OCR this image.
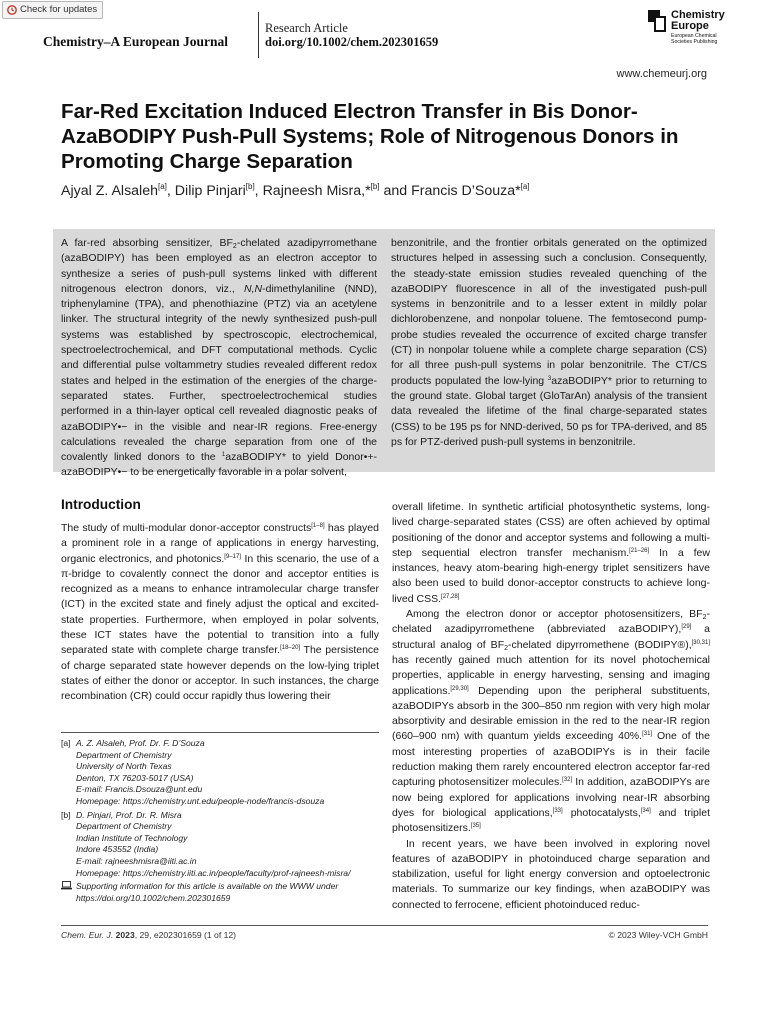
Check for updates

Chemistry–A European Journal

Research Article
doi.org/10.1002/chem.202301659
Chemistry
Europe
European Chemical Societies Publishing
www.chemeurj.org
Far-Red Excitation Induced Electron Transfer in Bis Donor-AzaBODIPY Push-Pull Systems; Role of Nitrogenous Donors in Promoting Charge Separation
Ajyal Z. Alsaleh[a], Dilip Pinjari[b], Rajneesh Misra,*[b] and Francis D’Souza*[a]

A far-red absorbing sensitizer, $BF_2$-chelated azadipyrromethane (azaBODIPY) has been employed as an electron acceptor to synthesize a series of push-pull systems linked with different nitrogenous electron donors, viz., N,N-dimethylaniline (NND), triphenylamine (TPA), and phenothiazine (PTZ) via an acetylene linker. The structural integrity of the newly synthesized push-pull systems was established by spectroscopic, electrochemical, spectroelectrochemical, and DFT computational methods. Cyclic and differential pulse voltammetry studies revealed different redox states and helped in the estimation of the energies of the charge-separated states. Further, spectroelectrochemical studies performed in a thin-layer optical cell revealed diagnostic peaks of azaBODIPY•− in the visible and near-IR regions. Free-energy calculations revealed the charge separation from one of the covalently linked donors to the $^1$azaBODIPY* to yield Donor•+-azaBODIPY•− to be energetically favorable in a polar solvent,

benzonitrile, and the frontier orbitals generated on the optimized structures helped in assessing such a conclusion. Consequently, the steady-state emission studies revealed quenching of the azaBODIPY fluorescence in all of the investigated push-pull systems in benzonitrile and to a lesser extent in mildly polar dichlorobenzene, and nonpolar toluene. The femtosecond pump-probe studies revealed the occurrence of excited charge transfer (CT) in nonpolar toluene while a complete charge separation (CS) for all three push-pull systems in polar benzonitrile. The CT/CS products populated the low-lying $^3$azaBODIPY* prior to returning to the ground state. Global target (GloTarAn) analysis of the transient data revealed the lifetime of the final charge-separated states (CSS) to be 195 ps for NND-derived, 50 ps for TPA-derived, and 85 ps for PTZ-derived push-pull systems in benzonitrile.

Introduction

The study of multi-modular donor-acceptor constructs[1–8] has played a prominent role in a range of applications in energy harvesting, organic electronics, and photonics.[9–17] In this scenario, the use of a π-bridge to covalently connect the donor and acceptor entities is recognized as a means to enhance intramolecular charge transfer (ICT) in the excited state and finely adjust the optical and excited-state properties. Furthermore, when employed in polar solvents, these ICT states have the potential to transition into a fully separated state with complete charge transfer.[18–20] The persistence of charge separated state however depends on the low-lying triplet states of either the donor or acceptor. In such instances, the charge recombination (CR) could occur rapidly thus lowering their

overall lifetime. In synthetic artificial photosynthetic systems, long-lived charge-separated states (CSS) are often achieved by optimal positioning of the donor and acceptor systems and following a multi-step sequential electron transfer mechanism.[21–26] In a few instances, heavy atom-bearing high-energy triplet sensitizers have also been used to build donor-acceptor constructs to achieve long-lived CSS.[27,28]

Among the electron donor or acceptor photosensitizers, $BF_2$-chelated azadipyrromethene (abbreviated azaBODIPY),[29] a structural analog of $BF_2$-chelated dipyrromethene (BODIPY®),[30,31] has recently gained much attention for its novel photochemical properties, applicable in energy harvesting, sensing and imaging applications.[29,30] Depending upon the peripheral substituents, azaBODIPYs absorb in the 300–850 nm region with very high molar absorptivity and desirable emission in the red to the near-IR region (660–900 nm) with quantum yields exceeding 40%.[31] One of the most interesting properties of azaBODIPYs is in their facile reduction making them rarely encountered electron acceptor far-red capturing photosensitizer molecules.[32] In addition, azaBODIPYs are now being explored for applications involving near-IR absorbing dyes for biological applications,[33] photocatalysts,[34] and triplet photosensitizers.[35]

In recent years, we have been involved in exploring novel features of azaBODIPY in photoinduced charge separation and stabilization, useful for light energy conversion and optoelectronic materials. To summarize our key findings, when azaBODIPY was connected to ferrocene, efficient photoinduced reduc-

[a] A. Z. Alsaleh, Prof. Dr. F. D’Souza
Department of Chemistry
University of North Texas
Denton, TX 76203-5017 (USA)
E-mail: Francis.Dsouza@unt.edu
Homepage: https://chemistry.unt.edu/people-node/francis-dsouza
[b] D. Pinjari, Prof. Dr. R. Misra
Department of Chemistry
Indian Institute of Technology
Indore 453552 (India)
E-mail: rajneeshmisra@iiti.ac.in
Homepage: https://chemistry.iiti.ac.in/people/faculty/prof-rajneesh-misra/
Supporting information for this article is available on the WWW under https://doi.org/10.1002/chem.202301659
Chem. Eur. J. 2023, 29, e202301659 (1 of 12)	© 2023 Wiley-VCH GmbH
